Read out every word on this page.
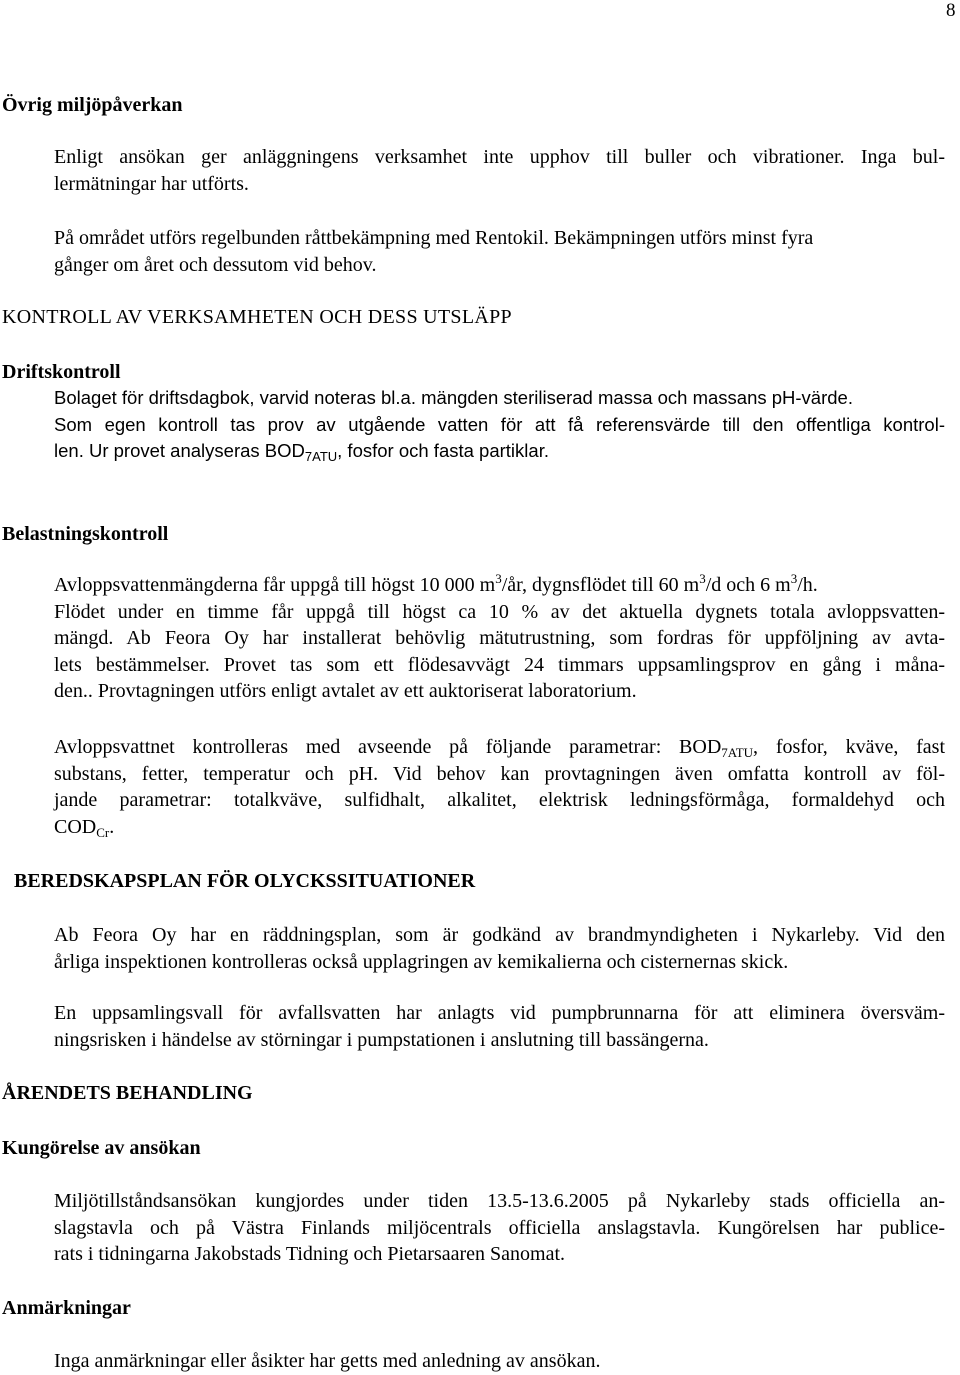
8
Övrig miljöpåverkan
Enligt ansökan ger anläggningens verksamhet inte upphov till buller och vibrationer. Inga bul-
lermätningar har utförts.
På området utförs regelbunden råttbekämpning med Rentokil. Bekämpningen utförs minst fyra
gånger om året och dessutom vid behov.
KONTROLL AV VERKSAMHETEN OCH DESS UTSLÄPP
Driftskontroll
Bolaget för driftsdagbok, varvid noteras bl.a. mängden steriliserad massa och massans pH-värde.
Som egen kontroll tas prov av utgående vatten för att få referensvärde till den offentliga kontrol-
len. Ur provet analyseras $BOD_{7ATU}$, fosfor och fasta partiklar.
Belastningskontroll
Avloppsvattenmängderna får uppgå till högst 10 000 $m^3/år$, dygnsflödet till 60 $m^3/d$ och 6 $m^3/h$.
Flödet under en timme får uppgå till högst ca 10 % av det aktuella dygnets totala avloppsvatten-
mängd. Ab Feora Oy har installerat behövlig mätutrustning, som fordras för uppföljning av avta-
lets bestämmelser. Provet tas som ett flödesavvägt 24 timmars uppsamlingsprov en gång i måna-
den.. Provtagningen utförs enligt avtalet av ett auktoriserat laboratorium.
Avloppsvattnet kontrolleras med avseende på följande parametrar: $BOD_{7ATU}$, fosfor, kväve, fast
substans, fetter, temperatur och pH. Vid behov kan provtagningen även omfatta kontroll av föl-
jande parametrar: totalkväve, sulfidhalt, alkalitet, elektrisk ledningsförmåga, formaldehyd och
$COD_{Cr}$.
BEREDSKAPSPLAN FÖR OLYCKSSITUATIONER
Ab Feora Oy har en räddningsplan, som är godkänd av brandmyndigheten i Nykarleby. Vid den
årliga inspektionen kontrolleras också upplagringen av kemikalierna och cisternernas skick.
En uppsamlingsvall för avfallsvatten har anlagts vid pumpbrunnarna för att eliminera översväm-
ningsrisken i händelse av störningar i pumpstationen i anslutning till bassängerna.
ÅRENDETS BEHANDLING
Kungörelse av ansökan
Miljötillståndsansökan kungjordes under tiden 13.5-13.6.2005 på Nykarleby stads officiella an-
slagstavla och på Västra Finlands miljöcentrals officiella anslagstavla. Kungörelsen har publice-
rats i tidningarna Jakobstads Tidning och Pietarsaaren Sanomat.
Anmärkningar
Inga anmärkningar eller åsikter har getts med anledning av ansökan.
